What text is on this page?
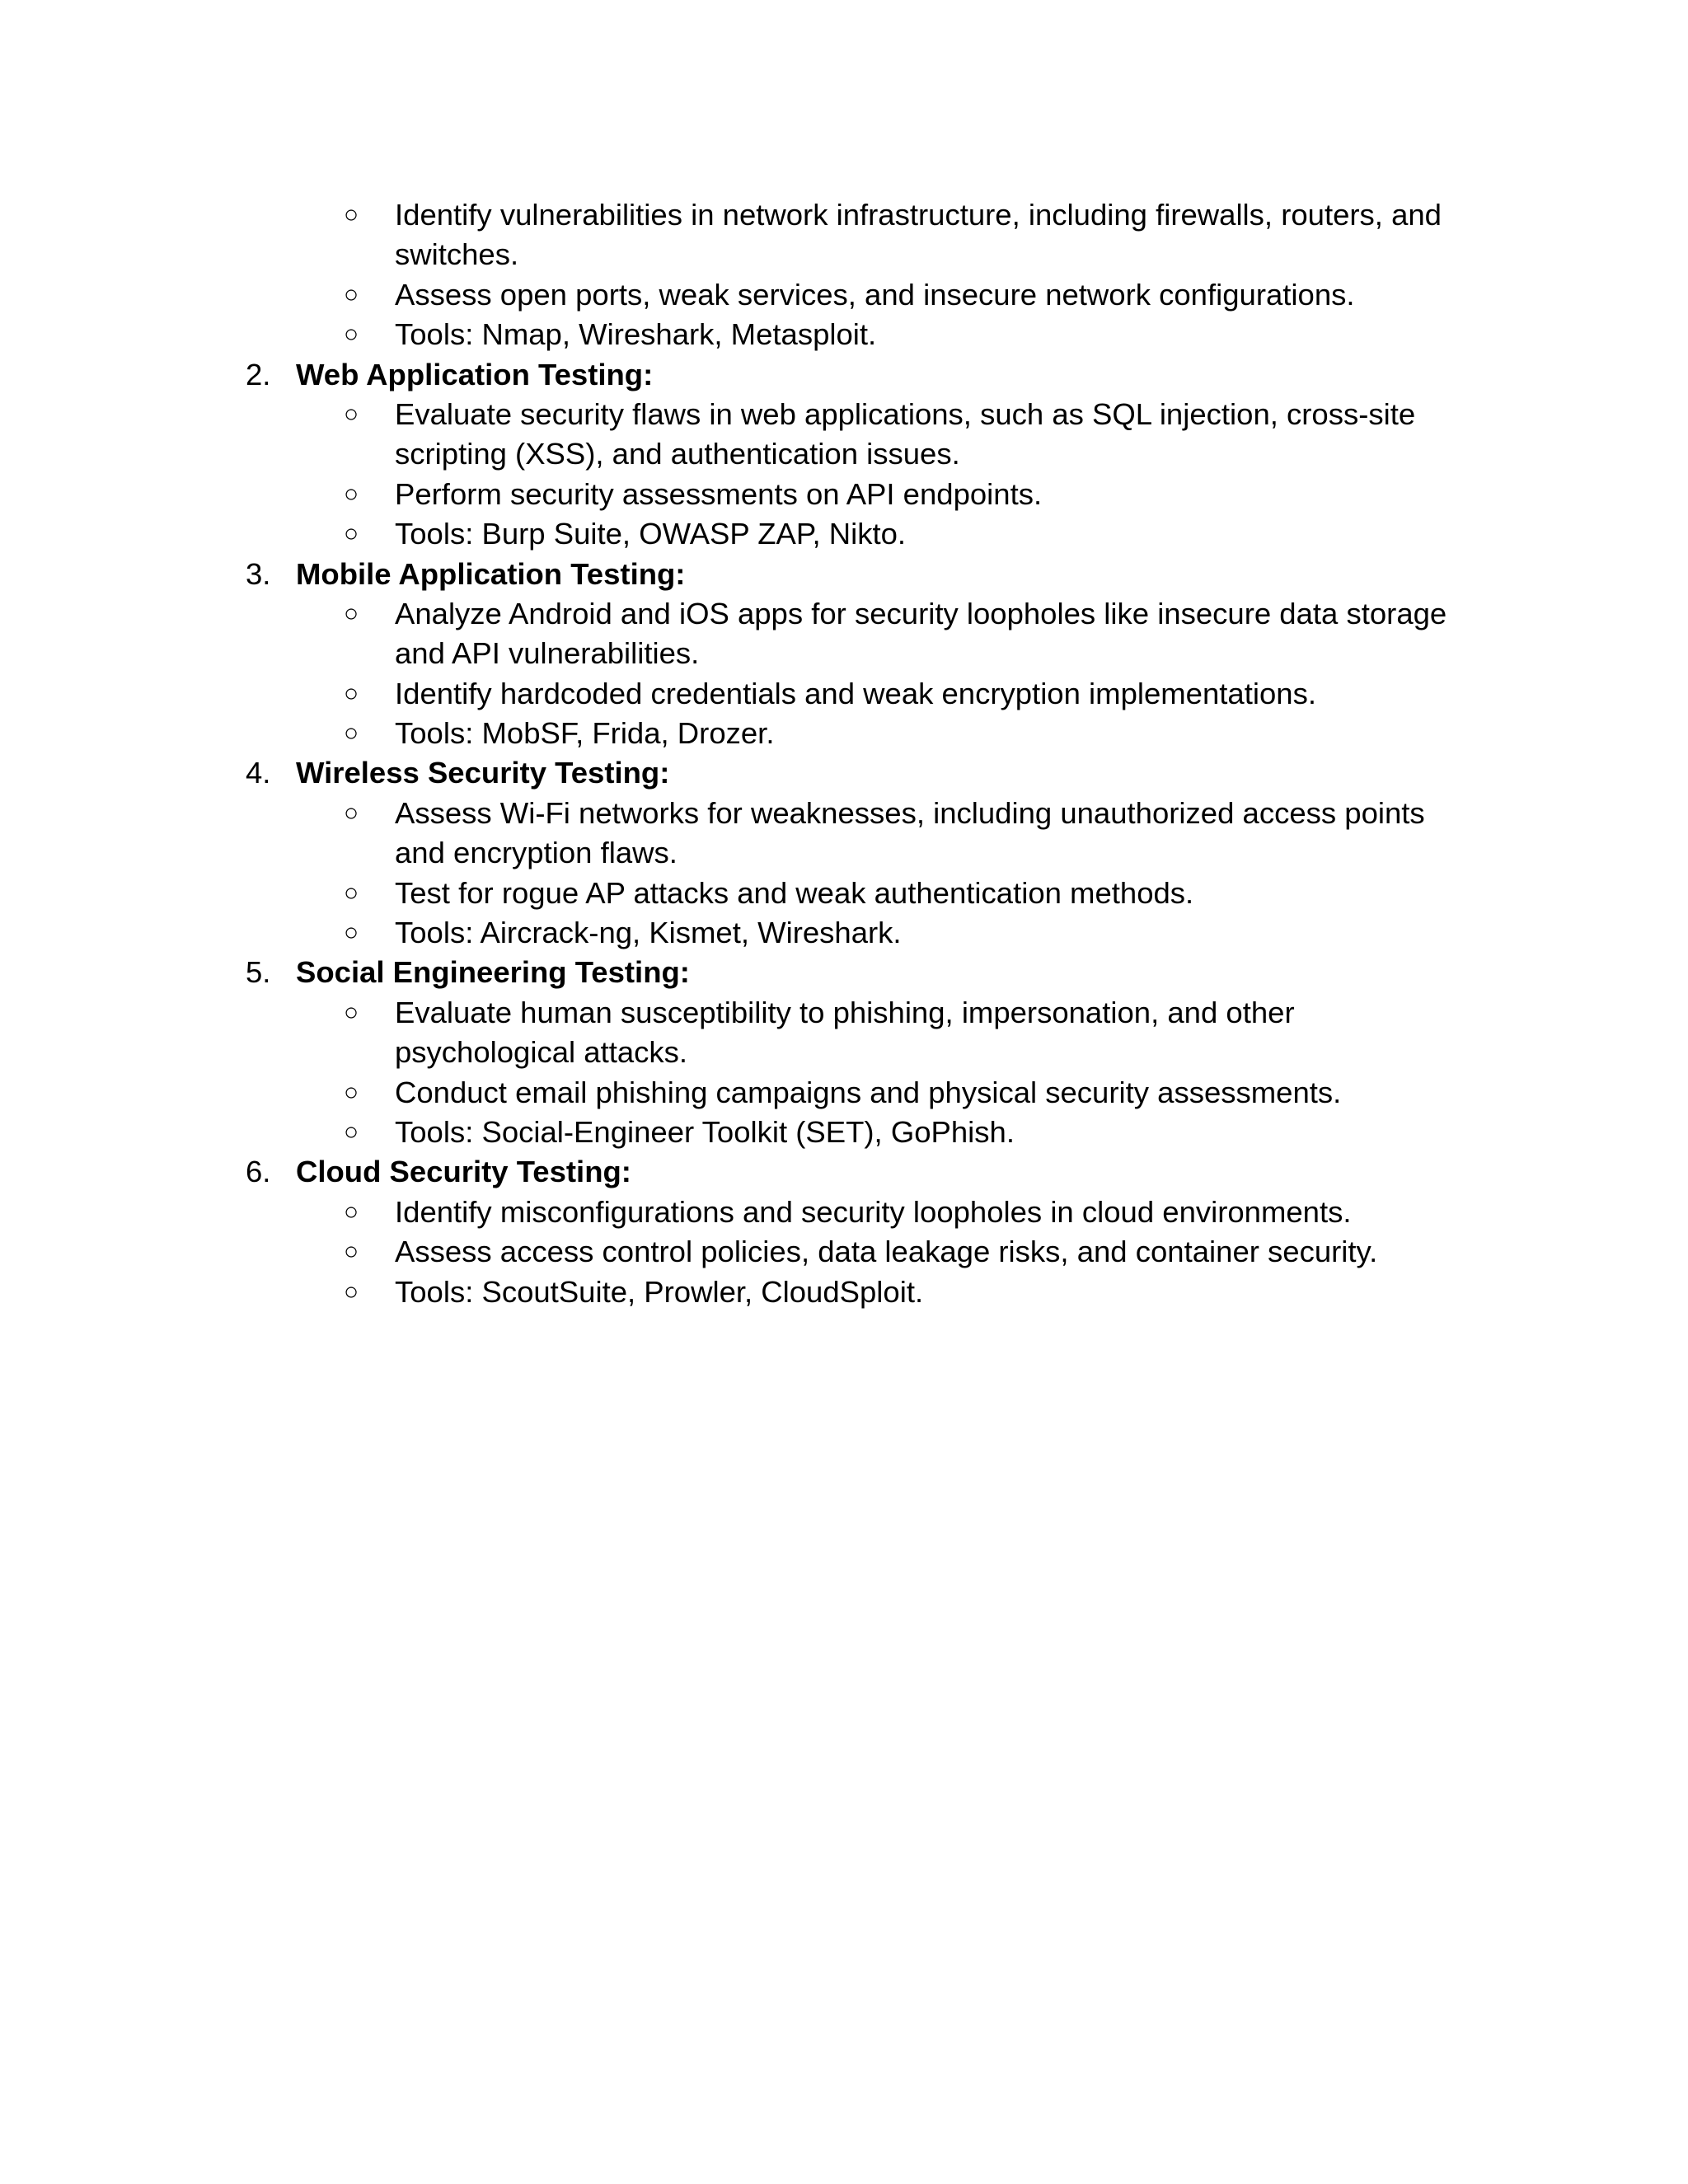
○	Identify vulnerabilities in network infrastructure, including firewalls, routers, and
switches.
○	Assess open ports, weak services, and insecure network configurations.
○	Tools: Nmap, Wireshark, Metasploit.
2. Web Application Testing:
○	Evaluate security flaws in web applications, such as SQL injection, cross-site
scripting (XSS), and authentication issues.
○	Perform security assessments on API endpoints.
○	Tools: Burp Suite, OWASP ZAP, Nikto.
3. Mobile Application Testing:
○	Analyze Android and iOS apps for security loopholes like insecure data storage
and API vulnerabilities.
○	Identify hardcoded credentials and weak encryption implementations.
○	Tools: MobSF, Frida, Drozer.
4. Wireless Security Testing:
○	Assess Wi-Fi networks for weaknesses, including unauthorized access points
and encryption flaws.
○	Test for rogue AP attacks and weak authentication methods.
○	Tools: Aircrack-ng, Kismet, Wireshark.
5. Social Engineering Testing:
○	Evaluate human susceptibility to phishing, impersonation, and other
psychological attacks.
○	Conduct email phishing campaigns and physical security assessments.
○	Tools: Social-Engineer Toolkit (SET), GoPhish.
6. Cloud Security Testing:
○	Identify misconfigurations and security loopholes in cloud environments.
○	Assess access control policies, data leakage risks, and container security.
○	Tools: ScoutSuite, Prowler, CloudSploit.
